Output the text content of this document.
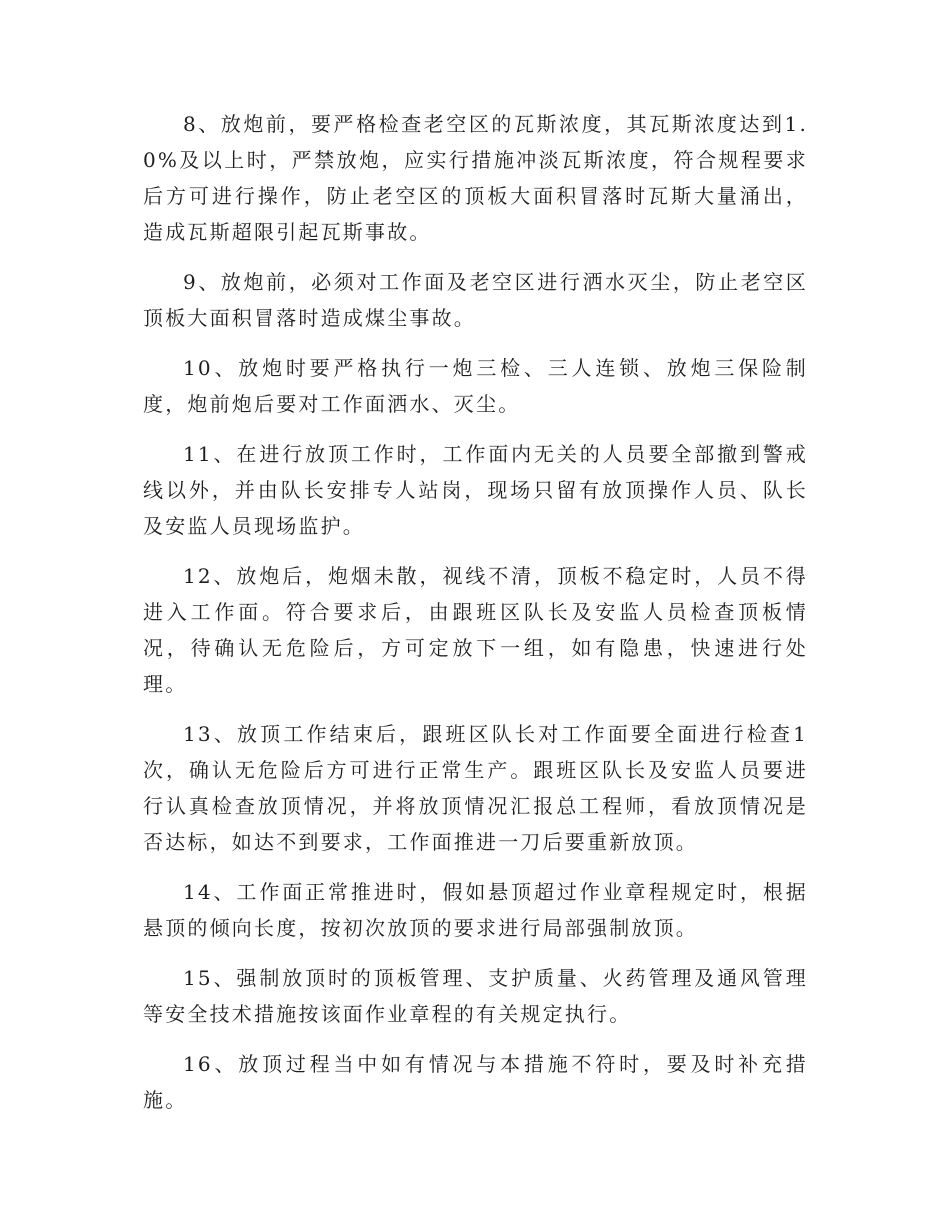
8、放炮前，要严格检查老空区的瓦斯浓度，其瓦斯浓度达到1.0%及以上时，严禁放炮，应实行措施冲淡瓦斯浓度，符合规程要求后方可进行操作，防止老空区的顶板大面积冒落时瓦斯大量涌出，造成瓦斯超限引起瓦斯事故。

9、放炮前，必须对工作面及老空区进行洒水灭尘，防止老空区顶板大面积冒落时造成煤尘事故。

10、放炮时要严格执行一炮三检、三人连锁、放炮三保险制度，炮前炮后要对工作面洒水、灭尘。

11、在进行放顶工作时，工作面内无关的人员要全部撤到警戒线以外，并由队长安排专人站岗，现场只留有放顶操作人员、队长及安监人员现场监护。

12、放炮后，炮烟未散，视线不清，顶板不稳定时，人员不得进入工作面。符合要求后，由跟班区队长及安监人员检查顶板情况，待确认无危险后，方可定放下一组，如有隐患，快速进行处理。

13、放顶工作结束后，跟班区队长对工作面要全面进行检查1次，确认无危险后方可进行正常生产。跟班区队长及安监人员要进行认真检查放顶情况，并将放顶情况汇报总工程师，看放顶情况是否达标，如达不到要求，工作面推进一刀后要重新放顶。

14、工作面正常推进时，假如悬顶超过作业章程规定时，根据悬顶的倾向长度，按初次放顶的要求进行局部强制放顶。

15、强制放顶时的顶板管理、支护质量、火药管理及通风管理等安全技术措施按该面作业章程的有关规定执行。

16、放顶过程当中如有情况与本措施不符时，要及时补充措施。
